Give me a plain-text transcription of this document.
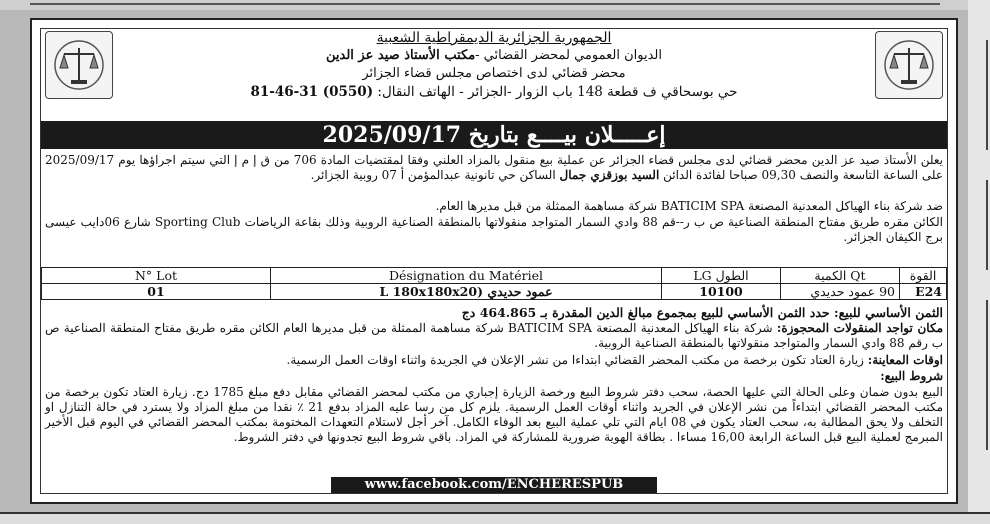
الجمهورية الجزائرية الديمقراطية الشعبية
الديوان العمومي لمحضر القضائي -مكتب الأستاذ صيد عز الدين
محضر قضائي لدى اختصاص مجلس قضاء الجزائر
حي بوسحاقي ف قطعة 148 باب الزوار -الجزائر - الهاتف النقال: 81-46-31 (0550)
إعـــــلان بيــــع بتاريخ 2025/09/17
يعلن الأستاذ صيد عز الدين محضر قضائي لدى مجلس قضاء الجزائر عن عملية بيع منقول بالمزاد العلني وفقا لمقتضيات المادة 706 من ق إ م إ التي سيتم اجراؤها يوم 2025/09/17 على الساعة التاسعة والنصف 09,30 صباحا لفائدة الدائن السيد بوزقزي جمال الساكن حي تانونية عبدالمؤمن أ 07 روبية الجزائر.
ضد شركة بناء الهياكل المعدنية المصنعة BATICIM SPA شركة مساهمة الممثلة من قبل مديرها العام.
الكائن مقره طريق مفتاح المنطقة الصناعية ص ب ر--قم 88 وادي السمار المتواجد منقولاتها بالمنطقة الصناعية الروبية وذلك بقاعة الرياضات Sporting Club شارع 06دايب عيسى برج الكيفان الجزائر.
القوة	Qt الكمية	الطول LG	Désignation du Matériel	N° Lot
E24	90 عمود حديدي	10100	عمود حديدي (L 180x180x20	01
الثمن الأساسي للبيع: حدد الثمن الأساسي للبيع بمجموع مبالغ الدين المقدرة بـ 464.865 دج
مكان تواجد المنقولات المحجوزة: شركة بناء الهياكل المعدنية المصنعة BATICIM SPA شركة مساهمة الممثلة من قبل مديرها العام الكائن مقره طريق مفتاح المنطقة الصناعية ص ب رقم 88 وادي السمار والمتواجد منقولاتها بالمنطقة الصناعية الروبية.
اوقات المعاينة: زيارة العتاد تكون برخصة من مكتب المحضر القضائي ابتداءا من نشر الإعلان في الجريدة واثناء اوقات العمل الرسمية.
شروط البيع:
البيع بدون ضمان وعلى الحالة التي عليها الحصة، سحب دفتر شروط البيع ورخصة الزيارة إجباري من مكتب لمحضر القضائي مقابل دفع مبلغ 1785 دج. زيارة العتاد تكون برخصة من مكتب المحضر القضائي ابتداءاً من نشر الإعلان في الجريد واثناء أوقات العمل الرسمية. يلزم كل من رسا عليه المزاد بدفع 21 ٪ نقدا من مبلغ المزاد ولا يسترد في حالة التنازل او التخلف ولا يحق المطالبة به، سحب العتاد يكون في 08 ايام التي تلي عملية البيع بعد الوفاء الكامل. آخر أجل لاستلام التعهدات المختومة بمكتب المحضر القضائي في اليوم قبل الأخير المبرمج لعملية البيع قبل الساعة الرابعة 16,00 مساءا . بطاقة الهوية ضرورية للمشاركة في المزاد. باقي شروط البيع تجدونها في دفتر الشروط.
www.facebook.com/ENCHERESPUB
